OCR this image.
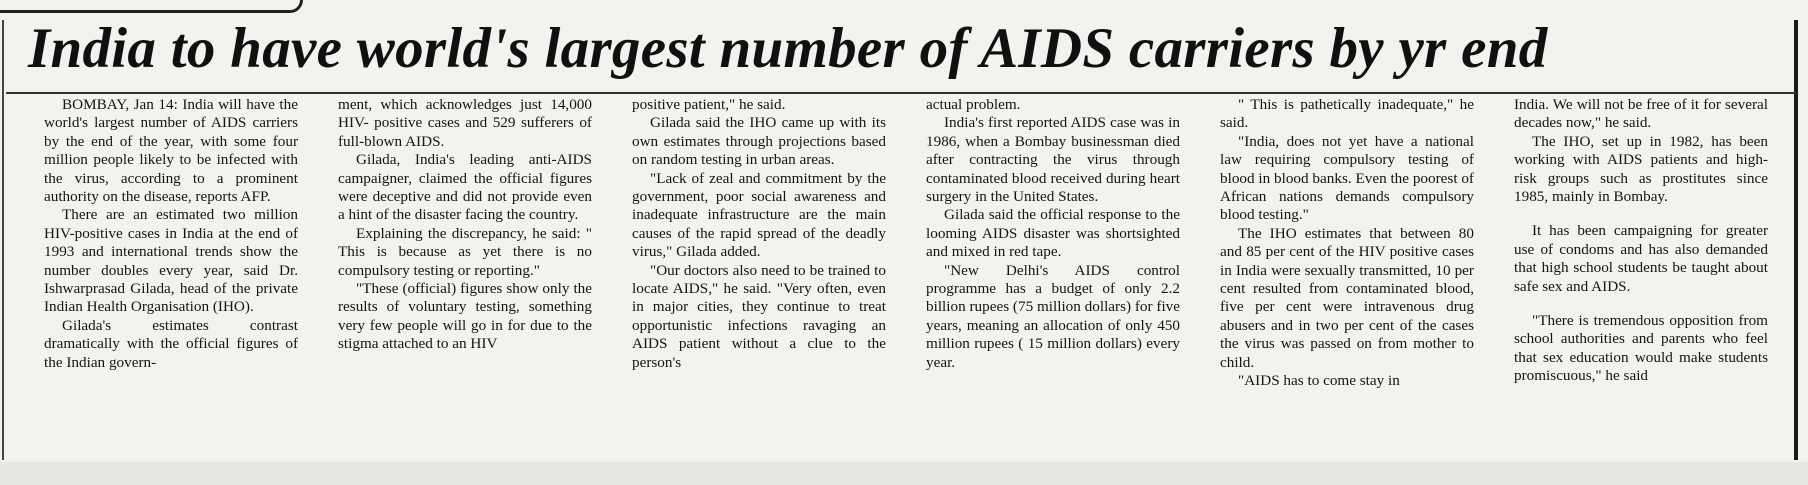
India to have world's largest number of AIDS carriers by yr end

BOMBAY, Jan 14: India will have the world's largest number of AIDS carriers by the end of the year, with some four million people likely to be infected with the virus, according to a prominent authority on the disease, reports AFP.

There are an estimated two million HIV-positive cases in India at the end of 1993 and international trends show the number doubles every year, said Dr. Ishwarprasad Gilada, head of the private Indian Health Organisation (IHO).

Gilada's estimates contrast dramatically with the official figures of the Indian govern-

ment, which acknowledges just 14,000 HIV- positive cases and 529 sufferers of full-blown AIDS.

Gilada, India's leading anti-AIDS campaigner, claimed the official figures were deceptive and did not provide even a hint of the disaster facing the country.

Explaining the discrepancy, he said: " This is because as yet there is no compulsory testing or reporting."

"These (official) figures show only the results of voluntary testing, something very few people will go in for due to the stigma attached to an HIV

positive patient," he said.

Gilada said the IHO came up with its own estimates through projections based on random testing in urban areas.

"Lack of zeal and commitment by the government, poor social awareness and inadequate infrastructure are the main causes of the rapid spread of the deadly virus," Gilada added.

"Our doctors also need to be trained to locate AIDS," he said. "Very often, even in major cities, they continue to treat opportunistic infections ravaging an AIDS patient without a clue to the person's

actual problem.

India's first reported AIDS case was in 1986, when a Bombay businessman died after contracting the virus through contaminated blood received during heart surgery in the United States.

Gilada said the official response to the looming AIDS disaster was shortsighted and mixed in red tape.

"New Delhi's AIDS control programme has a budget of only 2.2 billion rupees (75 million dollars) for five years, meaning an allocation of only 450 million rupees ( 15 million dollars) every year.

" This is pathetically inadequate," he said.

"India, does not yet have a national law requiring compulsory testing of blood in blood banks. Even the poorest of African nations demands compulsory blood testing."

The IHO estimates that between 80 and 85 per cent of the HIV positive cases in India were sexually transmitted, 10 per cent resulted from contaminated blood, five per cent were intravenous drug abusers and in two per cent of the cases the virus was passed on from mother to child.

"AIDS has to come stay in

India. We will not be free of it for several decades now," he said.

The IHO, set up in 1982, has been working with AIDS patients and high-risk groups such as prostitutes since 1985, mainly in Bombay.

It has been campaigning for greater use of condoms and has also demanded that high school students be taught about safe sex and AIDS.

"There is tremendous opposition from school authorities and parents who feel that sex education would make students promiscuous," he said
